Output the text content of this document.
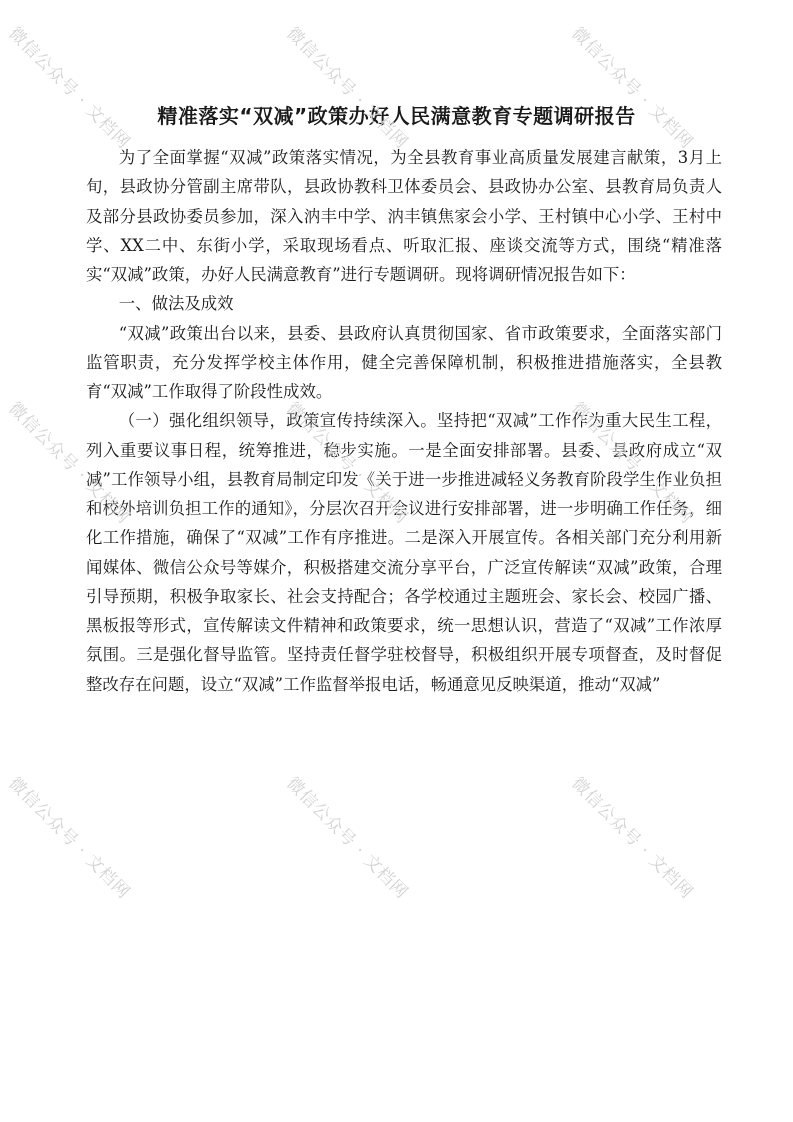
精准落实“双减”政策办好人民满意教育专题调研报告

为了全面掌握“双减”政策落实情况，为全县教育事业高质量发展建言献策，3月上旬，县政协分管副主席带队，县政协教科卫体委员会、县政协办公室、县教育局负责人及部分县政协委员参加，深入汭丰中学、汭丰镇焦家会小学、王村镇中心小学、王村中学、XX二中、东街小学，采取现场看点、听取汇报、座谈交流等方式，围绕“精准落实“双减”政策，办好人民满意教育”进行专题调研。现将调研情况报告如下：

一、做法及成效

“双减”政策出台以来，县委、县政府认真贯彻国家、省市政策要求，全面落实部门监管职责，充分发挥学校主体作用，健全完善保障机制，积极推进措施落实，全县教育“双减”工作取得了阶段性成效。

（一）强化组织领导，政策宣传持续深入。坚持把“双减”工作作为重大民生工程，列入重要议事日程，统筹推进，稳步实施。一是全面安排部署。县委、县政府成立“双减”工作领导小组，县教育局制定印发《关于进一步推进减轻义务教育阶段学生作业负担和校外培训负担工作的通知》，分层次召开会议进行安排部署，进一步明确工作任务，细化工作措施，确保了“双减”工作有序推进。二是深入开展宣传。各相关部门充分利用新闻媒体、微信公众号等媒介，积极搭建交流分享平台，广泛宣传解读“双减”政策，合理引导预期，积极争取家长、社会支持配合；各学校通过主题班会、家长会、校园广播、黑板报等形式，宣传解读文件精神和政策要求，统一思想认识，营造了“双减”工作浓厚氛围。三是强化督导监管。坚持责任督学驻校督导，积极组织开展专项督查，及时督促整改存在问题，设立“双减”工作监督举报电话，畅通意见反映渠道，推动“双减”

微信公众号 · 文档网	微信公众号 · 文档网	微信公众号 · 文档网
微信公众号 · 文档网	微信公众号 · 文档网	微信公众号 · 文档网
微信公众号 · 文档网	微信公众号 · 文档网	微信公众号 · 文档网
